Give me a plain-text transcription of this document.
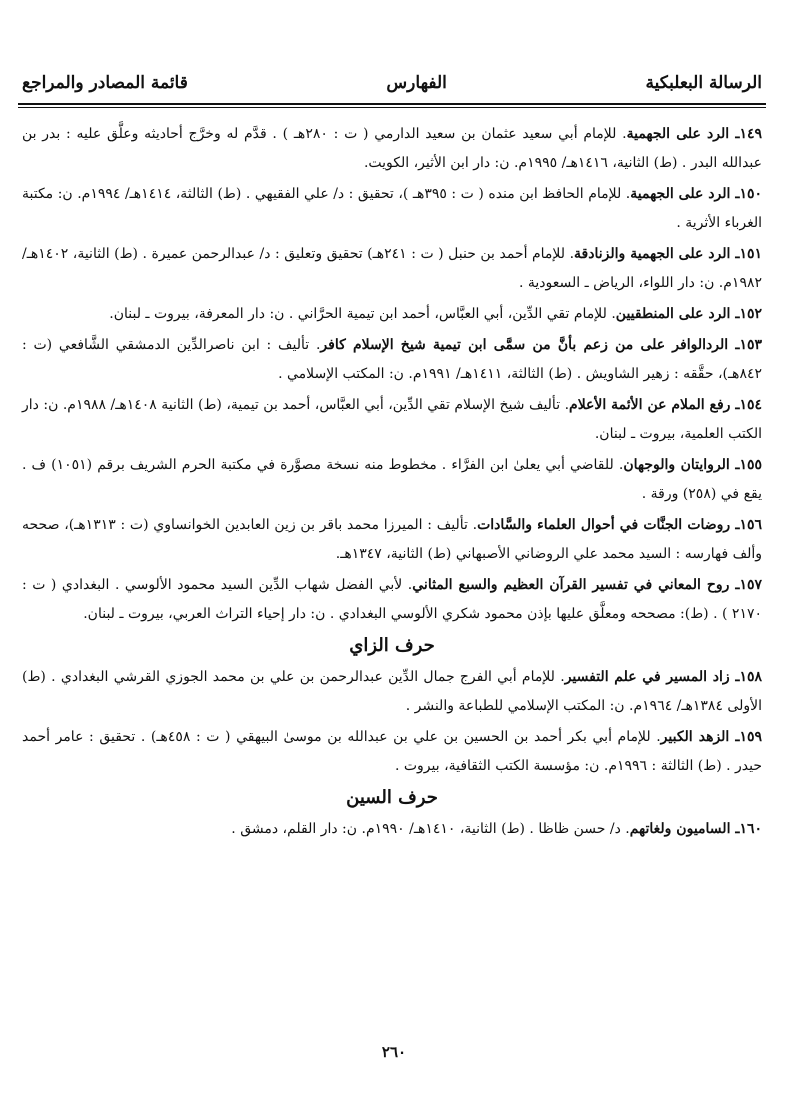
الرسالة البعلبكية
الفهارس
قائمة المصادر والمراجع

١٤٩ـ الرد على الجهمية. للإمام أبي سعيد عثمان بن سعيد الدارمي ( ت : ٢٨٠هـ ) . قدَّم له وخرَّج أحاديثه وعلَّق عليه : بدر بن عبدالله البدر . (ط) الثانية، ١٤١٦هـ/ ١٩٩٥م. ن: دار ابن الأثير، الكويت.

١٥٠ـ الرد على الجهمية. للإمام الحافظ ابن منده ( ت : ٣٩٥هـ )، تحقيق : د/ علي الفقيهي . (ط) الثالثة، ١٤١٤هـ/ ١٩٩٤م. ن: مكتبة الغرباء الأثرية .

١٥١ـ الرد على الجهمية والزنادقة. للإمام أحمد بن حنبل ( ت : ٢٤١هـ) تحقيق وتعليق : د/ عبدالرحمن عميرة . (ط) الثانية، ١٤٠٢هـ/ ١٩٨٢م. ن: دار اللواء، الرياض ـ السعودية .

١٥٢ـ الرد على المنطقيين. للإمام تقي الدِّين، أبي العبَّاس، أحمد ابن تيمية الحرَّاني . ن: دار المعرفة، بيروت ـ لبنان.

١٥٣ـ الردالوافر على من زعم بأنَّ من سمَّى ابن تيمية شيخ الإسلام كافر. تأليف : ابن ناصرالدِّين الدمشقي الشَّافعي (ت : ٨٤٢هـ)، حقَّقه : زهير الشاويش . (ط) الثالثة، ١٤١١هـ/ ١٩٩١م. ن: المكتب الإسلامي .

١٥٤ـ رفع الملام عن الأئمة الأعلام. تأليف شيخ الإسلام تقي الدِّين، أبي العبَّاس، أحمد بن تيمية، (ط) الثانية ١٤٠٨هـ/ ١٩٨٨م. ن: دار الكتب العلمية، بيروت ـ لبنان.

١٥٥ـ الروايتان والوجهان. للقاضي أبي يعلىٰ ابن الفرَّاء . مخطوط منه نسخة مصوَّرة في مكتبة الحرم الشريف برقم (١٠٥١) ف . يقع في (٢٥٨) ورقة .

١٥٦ـ روضات الجنَّات في أحوال العلماء والسَّادات. تأليف : الميرزا محمد باقر بن زين العابدين الخوانساوي (ت : ١٣١٣هـ)، صححه وألف فهارسه : السيد محمد علي الروضاني الأصبهاني (ط) الثانية، ١٣٤٧هـ.

١٥٧ـ روح المعاني في تفسير القرآن العظيم والسبع المثاني. لأبي الفضل شهاب الدِّين السيد محمود الألوسي . البغدادي ( ت : ٢١٧٠ ) . (ط): مصححه ومعلَّق عليها بإذن محمود شكري الألوسي البغدادي . ن: دار إحياء التراث العربي، بيروت ـ لبنان.

حرف الزاي

١٥٨ـ زاد المسير في علم التفسير. للإمام أبي الفرج جمال الدِّين عبدالرحمن بن علي بن محمد الجوزي القرشي البغدادي . (ط) الأولى ١٣٨٤هـ/ ١٩٦٤م. ن: المكتب الإسلامي للطباعة والنشر .

١٥٩ـ الزهد الكبير. للإمام أبي بكر أحمد بن الحسين بن علي بن عبدالله بن موسىٰ البيهقي ( ت : ٤٥٨هـ) . تحقيق : عامر أحمد حيدر . (ط) الثالثة : ١٩٩٦م. ن: مؤسسة الكتب الثقافية، بيروت .

حرف السين

١٦٠ـ الساميون ولغاتهم. د/ حسن ظاظا . (ط) الثانية، ١٤١٠هـ/ ١٩٩٠م. ن: دار القلم، دمشق .

٢٦٠
